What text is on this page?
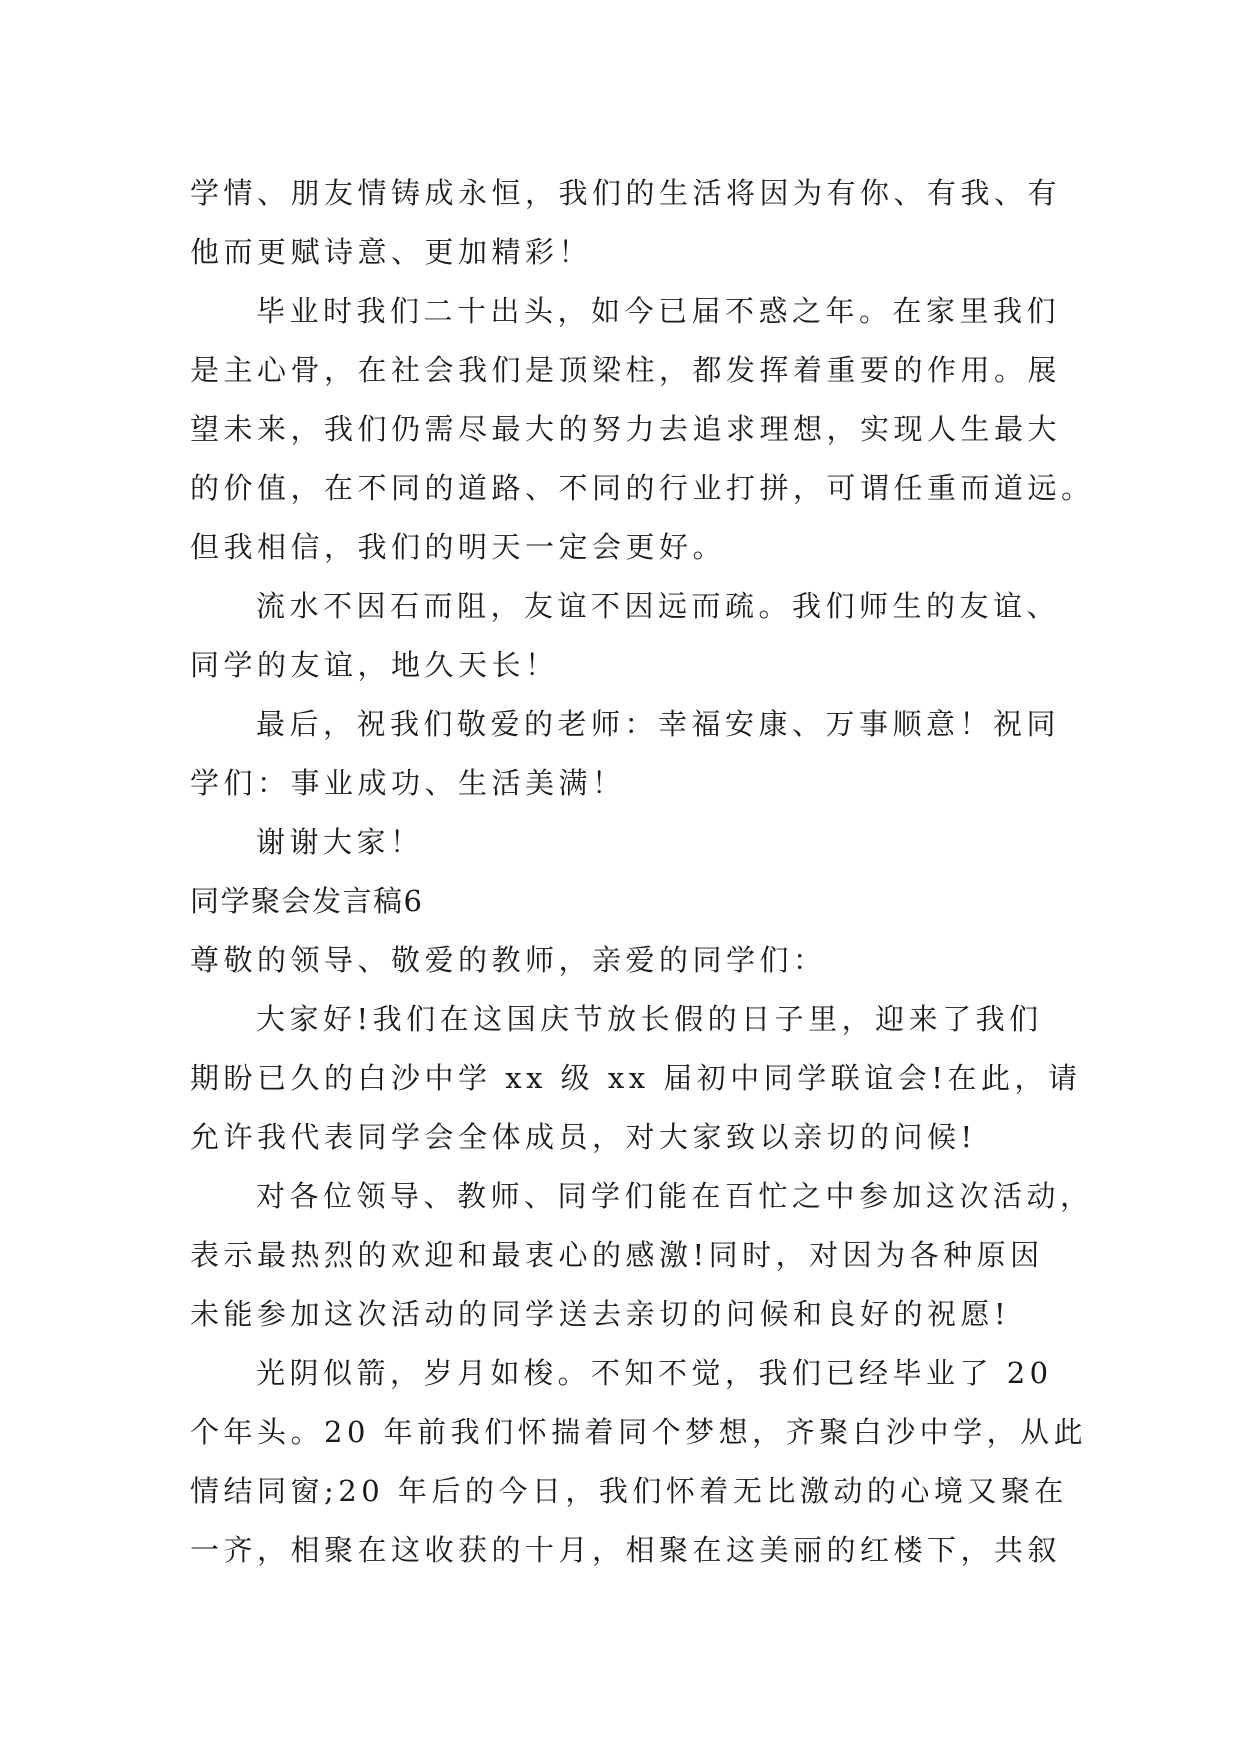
学情、朋友情铸成永恒，我们的生活将因为有你、有我、有
他而更赋诗意、更加精彩！
毕业时我们二十出头，如今已届不惑之年。在家里我们
是主心骨，在社会我们是顶梁柱，都发挥着重要的作用。展
望未来，我们仍需尽最大的努力去追求理想，实现人生最大
的价值，在不同的道路、不同的行业打拼，可谓任重而道远。
但我相信，我们的明天一定会更好。
流水不因石而阻，友谊不因远而疏。我们师生的友谊、
同学的友谊，地久天长！
最后，祝我们敬爱的老师：幸福安康、万事顺意！祝同
学们：事业成功、生活美满！
谢谢大家！
同学聚会发言稿6
尊敬的领导、敬爱的教师，亲爱的同学们：
大家好!我们在这国庆节放长假的日子里，迎来了我们
期盼已久的白沙中学 xx 级 xx 届初中同学联谊会!在此，请
允许我代表同学会全体成员，对大家致以亲切的问候!
对各位领导、教师、同学们能在百忙之中参加这次活动，
表示最热烈的欢迎和最衷心的感激!同时，对因为各种原因
未能参加这次活动的同学送去亲切的问候和良好的祝愿!
光阴似箭，岁月如梭。不知不觉，我们已经毕业了 20
个年头。20 年前我们怀揣着同个梦想，齐聚白沙中学，从此
情结同窗;20 年后的今日，我们怀着无比激动的心境又聚在
一齐，相聚在这收获的十月，相聚在这美丽的红楼下，共叙
